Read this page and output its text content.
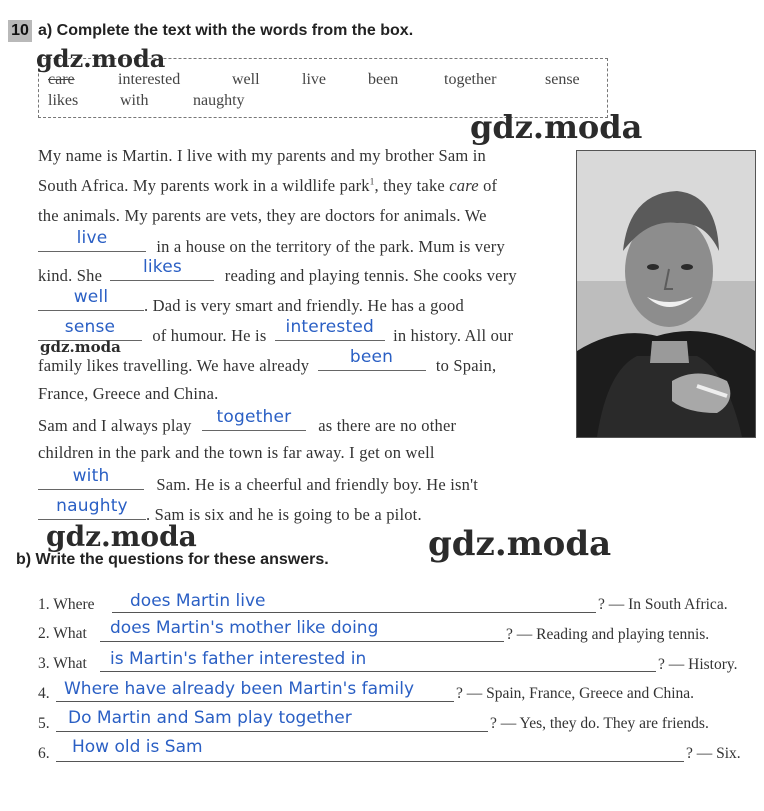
10 a) Complete the text with the words from the box.
care	interested	well	live	been	together	sense
likes	with	naughty
My name is Martin. I live with my parents and my brother Sam in
South Africa. My parents work in a wildlife park$^1$, they take care of
the animals. My parents are vets, they are doctors for animals. We
live	in a house on the territory of the park. Mum is very
kind. She	likes	reading and playing tennis. She cooks very
well	. Dad is very smart and friendly. He has a good
sense	of humour. He is	interested	in history. All our
family likes travelling. We have already	been	to Spain,
France, Greece and China.
Sam and I always play	together	as there are no other
children in the park and the town is far away. I get on well
with	Sam. He is a cheerful and friendly boy. He isn't
naughty	. Sam is six and he is going to be a pilot.
b) Write the questions for these answers.
1. Where does Martin live	? — In South Africa.
2. What does Martin's mother like doing	? — Reading and playing tennis.
3. What is Martin's father interested in	? — History.
4. Where have already been Martin's family	? — Spain, France, Greece and China.
5. Do Martin and Sam play together	? — Yes, they do. They are friends.
6. How old is Sam	? — Six.
gdz.moda
gdz.moda
gdz.moda
gdz.moda	gdz.moda
